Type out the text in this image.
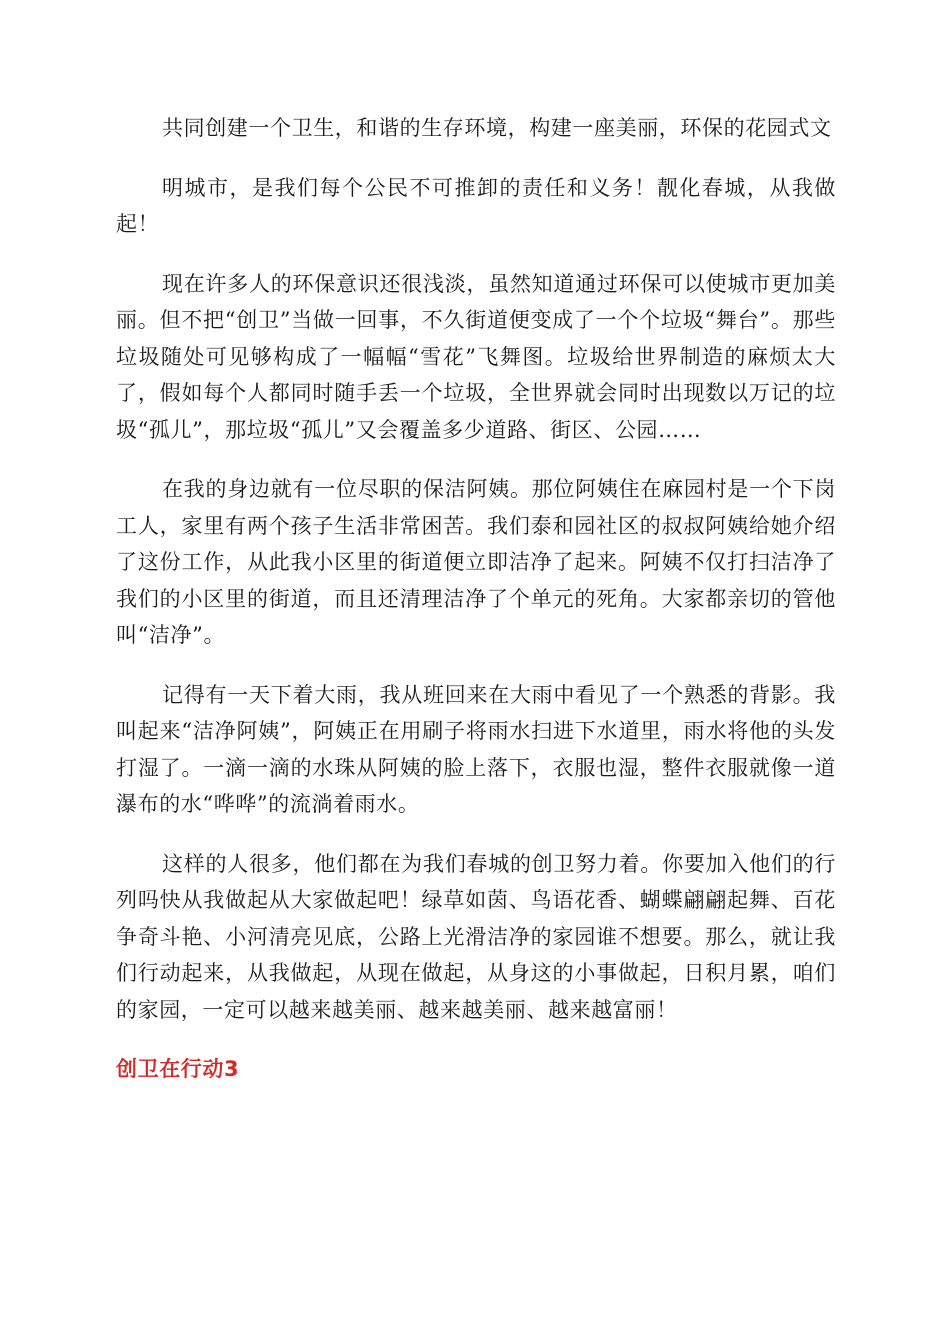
共同创建一个卫生，和谐的生存环境，构建一座美丽，环保的花园式文

明城市，是我们每个公民不可推卸的责任和义务！靓化春城，从我做起！

现在许多人的环保意识还很浅淡，虽然知道通过环保可以使城市更加美丽。但不把“创卫”当做一回事，不久街道便变成了一个个垃圾“舞台”。那些垃圾随处可见够构成了一幅幅“雪花”飞舞图。垃圾给世界制造的麻烦太大了，假如每个人都同时随手丢一个垃圾，全世界就会同时出现数以万记的垃圾“孤儿”，那垃圾“孤儿”又会覆盖多少道路、街区、公园……

在我的身边就有一位尽职的保洁阿姨。那位阿姨住在麻园村是一个下岗工人，家里有两个孩子生活非常困苦。我们泰和园社区的叔叔阿姨给她介绍了这份工作，从此我小区里的街道便立即洁净了起来。阿姨不仅打扫洁净了我们的小区里的街道，而且还清理洁净了个单元的死角。大家都亲切的管他叫“洁净”。

记得有一天下着大雨，我从班回来在大雨中看见了一个熟悉的背影。我叫起来“洁净阿姨”，阿姨正在用刷子将雨水扫进下水道里，雨水将他的头发打湿了。一滴一滴的水珠从阿姨的脸上落下，衣服也湿，整件衣服就像一道瀑布的水“哗哗”的流淌着雨水。

这样的人很多，他们都在为我们春城的创卫努力着。你要加入他们的行列吗快从我做起从大家做起吧！绿草如茵、鸟语花香、蝴蝶翩翩起舞、百花争奇斗艳、小河清亮见底，公路上光滑洁净的家园谁不想要。那么，就让我们行动起来，从我做起，从现在做起，从身这的小事做起，日积月累，咱们的家园，一定可以越来越美丽、越来越美丽、越来越富丽！

创卫在行动3
